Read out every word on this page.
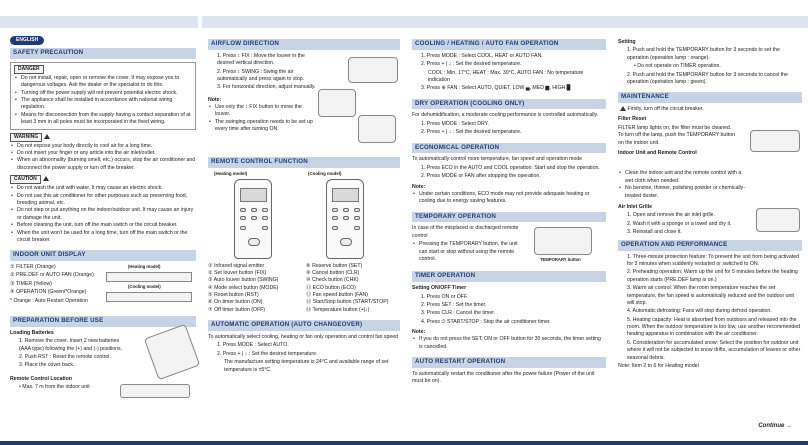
ENGLISH
SAFETY PRECAUTION
DANGER
• Do not install, repair, open or remove the cover. It may expose you to dangerous voltages. Ask the dealer or the specialist to do this.
• Turning off the power supply will not prevent potential electric shock.
• The appliance shall be installed in accordance with national wiring regulation.
• Means for disconnection from the supply having a contact separation of at least 3 mm in all poles must be incorporated in the fixed wiring.
WARNING
• Do not expose your body directly to cool air for a long time.
• Do not insert your finger or any article into the air inlet/outlet.
• When an abnormality (burning smell, etc.) occurs, stop the air conditioner and disconnect the power supply or turn off the breaker.
CAUTION
• Do not wash the unit with water. It may cause an electric shock.
• Do not use this air conditioner for other purposes such as preserving food, breeding animal, etc.
• Do not step or put anything on the indoor/outdoor unit. It may cause an injury or damage the unit.
• Before cleaning the unit, turn off the main switch or the circuit breaker.
• When the unit won't be used for a long time, turn off the main switch or the circuit breaker.
INDOOR UNIT DISPLAY
① FILTER (Orange)
② PRE.DEF or AUTO FAN (Orange)
③ TIMER (Yellow)
④ OPERATION (Green/*Orange)
* Orange : Auto Restart Operation
(Heating model)
(Cooling model)
PREPARATION BEFORE USE
Loading Batteries
1. Remove the cover. Insert 2 new batteries (AAA type) following the (+) and (-) positions.
2. Push RST : Reset the remote control.
3. Place the cover back.
Remote Control Location
• Max. 7 m from the indoor unit
AIRFLOW DIRECTION
1. Press ↕ FIX : Move the louver in the desired vertical direction.
2. Press ↕ SWING : Swing the air automatically and press again to stop.
3. For horizontal direction, adjust manually.
Note:
• Use only the ↕ FIX button to move the louver.
• The swinging operation needs to be set up every time after turning ON.
REMOTE CONTROL FUNCTION
(Heating model)	(Cooling model)
① Infrared signal emitter
② Set louver button (FIX)
③ Auto louver button (SWING)
④ Mode select button (MODE)
⑤ Reset button (RST)
⑥ On timer button (ON)
⑦ Off timer button (OFF)
⑧ Reserve button (SET)
⑨ Cancel button (CLR)
⑩ Check button (CHK)
⑪ ECO button (ECO)
⑫ Fan speed button (FAN)
⑬ Start/Stop button (START/STOP)
⑭ Temperature button (+|↓)
AUTOMATIC OPERATION (AUTO CHANGEOVER)
To automatically select cooling, heating or fan only operation and control fan speed
1. Press MODE : Select AUTO.
2. Press + | ↓ : Set the desired temperature.
The manufacture setting temperature is 24°C and available range of set temperature is ±5°C.
COOLING / HEATING / AUTO FAN OPERATION
1. Press MODE : Select COOL, HEAT or AUTO FAN.
2. Press + | ↓ : Set the desired temperature.
COOL : Min. 17°C, HEAT : Max. 30°C, AUTO FAN : No temperature indication
3. Press ⊕ FAN : Select AUTO, QUIET, LOW ▄, MED ▆, HIGH █
DRY OPERATION (COOLING ONLY)
For dehumidification, a moderate cooling performance is controlled automatically.
1. Press MODE : Select DRY.
2. Press + | ↓ : Set the desired temperature.
ECONOMICAL OPERATION
To automatically control room temperature, fan speed and operation mode
1. Press ECO in the AUTO and COOL operation: Start and stop the operation.
2. Press MODE or FAN after stopping the operation.
Note:
• Under certain conditions, ECO mode may not provide adequate heating or cooling due to energy saving features.
TEMPORARY OPERATION
In case of the misplaced or discharged remote control
• Pressing the TEMPORARY button, the unit can start or stop without using the remote control.	TEMPORARY button
TIMER OPERATION
Setting ON/OFF Timer
1. Press ON or OFF.
2. Press SET : Set the timer.
3. Press CLR : Cancel the timer.
4. Press ⏻ START/STOP : Stop the air conditioner timer.
Note:
• If you do not press the SET, ON or OFF button for 30 seconds, the timer setting is cancelled.
AUTO RESTART OPERATION
To automatically restart the conditioner after the power failure (Power of the unit must be on).
Setting
1. Push and hold the TEMPORARY button for 3 seconds to set the operation (operation lamp : orange).
• Do not operate on TIMER operation.
2. Push and hold the TEMPORARY button for 3 seconds to cancel the operation (operation lamp : green).
MAINTENANCE
Firstly, turn off the circuit breaker.
Filter Reset
FILTER lamp lights on; the filter must be cleaned. To turn off the lamp, push the TEMPORARY button on the indoor unit.
Indoor Unit and Remote Control
• Clean the indoor unit and the remote control with a wet cloth when needed.
• No benzine, thinner, polishing powder or chemically-treated duster.
Air Inlet Grille
1. Open and remove the air inlet grille.
2. Wash it with a sponge or a towel and dry it.
3. Reinstall and close it.
OPERATION AND PERFORMANCE
1. Three-minute protection feature: To prevent the unit from being activated for 3 minutes when suddenly restarted or switched to ON.
2. Preheating operation: Warm up the unit for 5 minutes before the heating operation starts (PRE.DEF lamp is on.)
3. Warm air control: When the room temperature reaches the set temperature, the fan speed is automatically reduced and the outdoor unit will stop.
4. Automatic defrosting: Fans will stop during defrost operation.
5. Heating capacity: Heat is absorbed from outdoors and released into the room. When the outdoor temperature is too low, use another recommended heating apparatus in combination with the air conditioner.
6. Consideration for accumulated snow: Select the position for outdoor unit where it will not be subjected to snow drifts, accumulation of leaves or other seasonal debris.
Note: Item 2 to 6 for Heating model
Continue →
